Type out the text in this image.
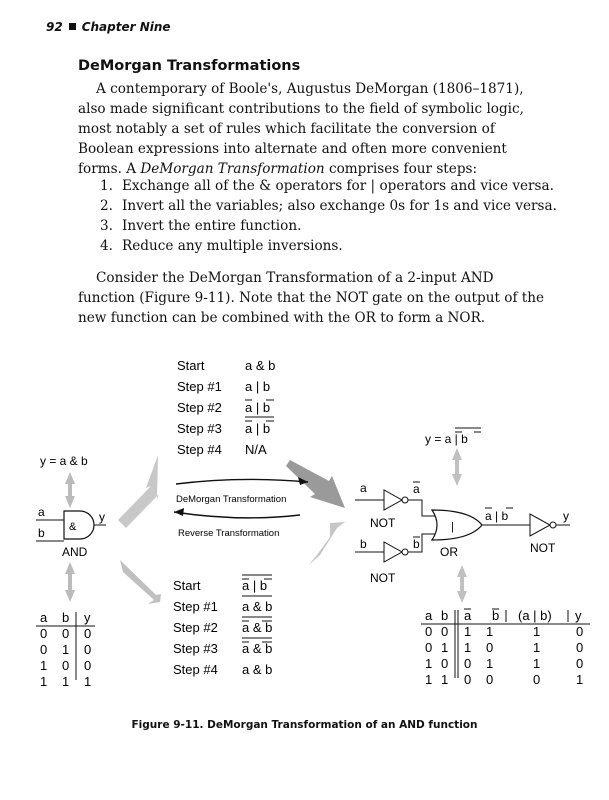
92 Chapter Nine
DeMorgan Transformations

A contemporary of Boole's, Augustus DeMorgan (1806–1871), also made significant contributions to the field of symbolic logic, most notably a set of rules which facilitate the conversion of Boolean expressions into alternate and often more convenient forms. A DeMorgan Transformation comprises four steps:

1. Exchange all of the & operators for | operators and vice versa.
2. Invert all the variables; also exchange 0s for 1s and vice versa.
3. Invert the entire function.
4. Reduce any multiple inversions.

Consider the DeMorgan Transformation of a 2-input AND function (Figure 9-11). Note that the NOT gate on the output of the new function can be combined with the OR to form a NOR.

Start	a & b
Step #1 a | b
Step #2 a | b
Step #3 a | b
Step #4 N/A
Start	a | b
Step #1 a & b
Step #2 a & b
Step #3 a & b
Step #4 a & b
DeMorgan Transformation
Reverse Transformation
y = a & b
a
b &
y
AND
a b y
0 0 0
0 1 0
1 0 0
1 1 1
y = a | b
a	a
NOT
b	b
NOT
|
OR
a | b	y
NOT
a b a b (a | b) y
0 0 1 1	1	0
0 1 1 0	1	0
1 0 0 1	1	0
1 1 0 0	0	1
Figure 9-11. DeMorgan Transformation of an AND function
